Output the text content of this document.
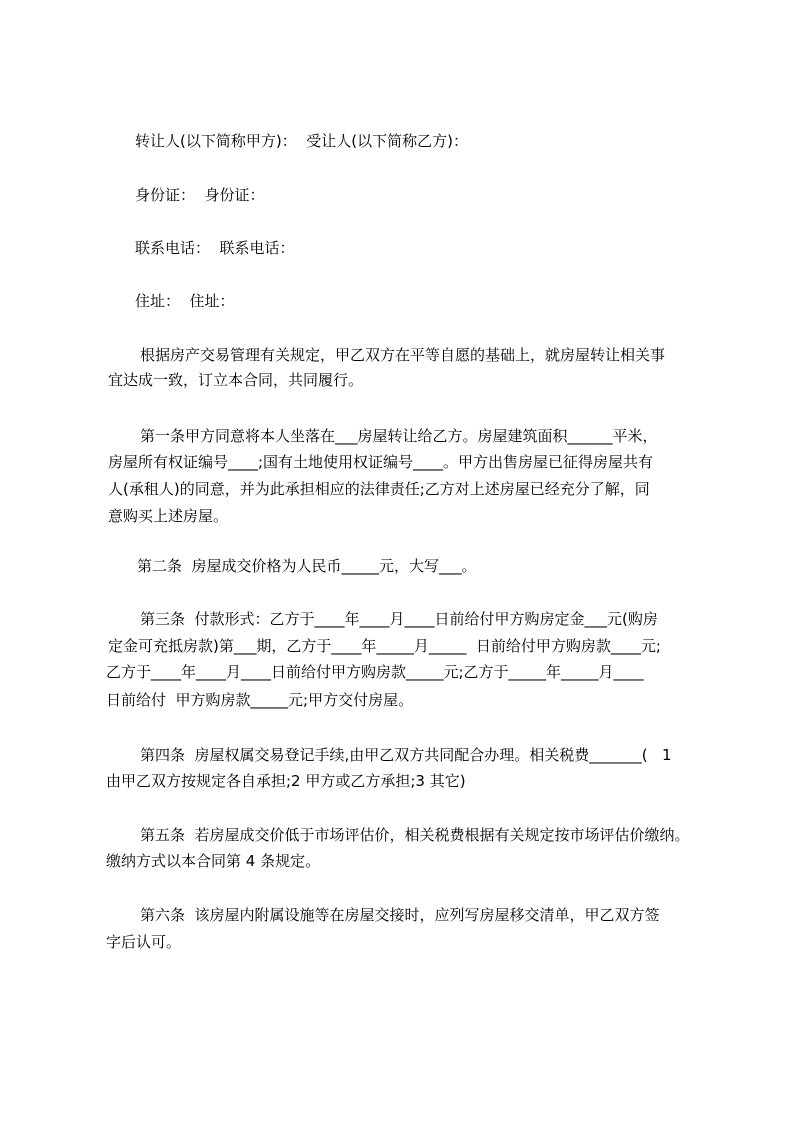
转让人(以下简称甲方)：  受让人(以下简称乙方)：
身份证：  身份证：
联系电话：  联系电话：
住址：  住址：
根据房产交易管理有关规定，甲乙双方在平等自愿的基础上，就房屋转让相关事
宜达成一致，订立本合同，共同履行。
第一条甲方同意将本人坐落在___房屋转让给乙方。房屋建筑面积______平米，
房屋所有权证编号____;国有土地使用权证编号____。甲方出售房屋已征得房屋共有
人(承租人)的同意，并为此承担相应的法律责任;乙方对上述房屋已经充分了解，同
意购买上述房屋。
第二条  房屋成交价格为人民币_____元，大写___。
第三条  付款形式：乙方于____年____月____日前给付甲方购房定金___元(购房
定金可充抵房款)第___期，乙方于____年_____月_____  日前给付甲方购房款____元;
乙方于____年____月____日前给付甲方购房款_____元;乙方于_____年_____月____
日前给付  甲方购房款_____元;甲方交付房屋。
第四条  房屋权属交易登记手续,由甲乙双方共同配合办理。相关税费_______(   1
由甲乙双方按规定各自承担;2 甲方或乙方承担;3 其它)
第五条  若房屋成交价低于市场评估价，相关税费根据有关规定按市场评估价缴纳。
缴纳方式以本合同第 4 条规定。
第六条  该房屋内附属设施等在房屋交接时，应列写房屋移交清单，甲乙双方签
字后认可。
